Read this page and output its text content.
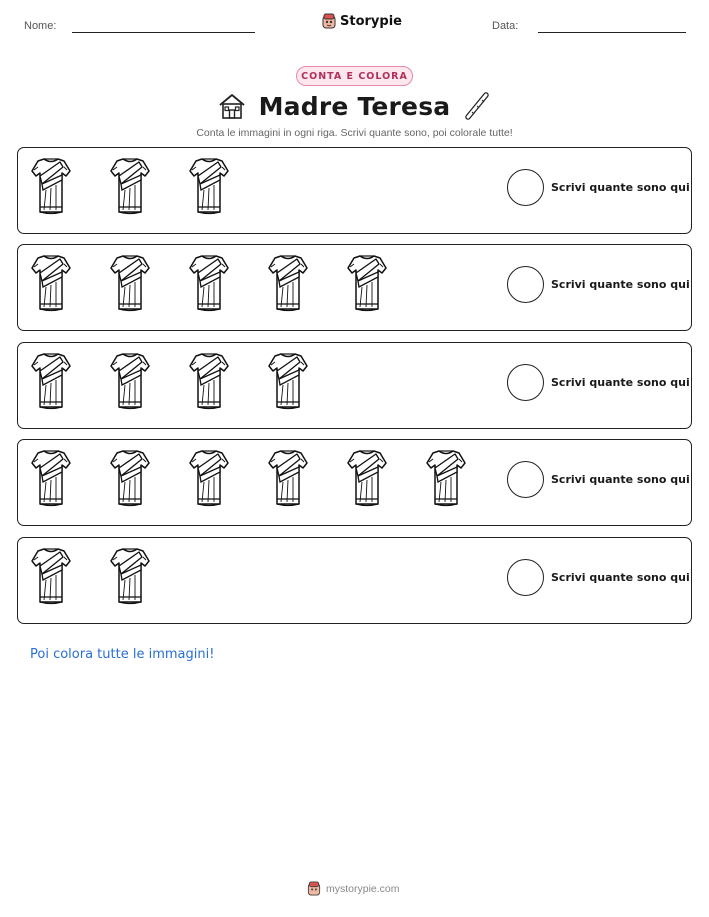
Nome:	Storypie	Data:
CONTA E COLORA
Madre Teresa
Conta le immagini in ogni riga. Scrivi quante sono, poi colorale tutte!
Scrivi quante sono qui
Scrivi quante sono qui
Scrivi quante sono qui
Scrivi quante sono qui
Scrivi quante sono qui
Poi colora tutte le immagini!
mystorypie.com
